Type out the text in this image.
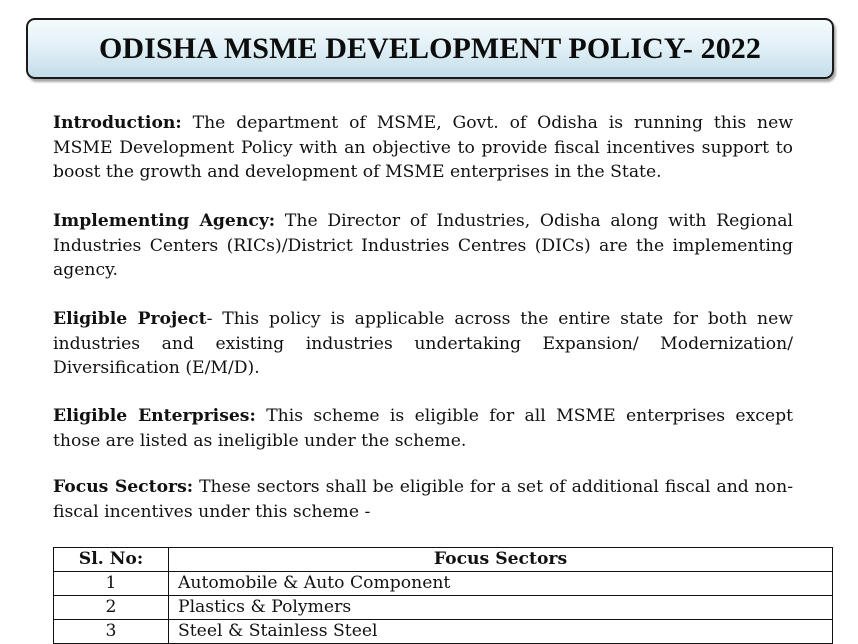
ODISHA MSME DEVELOPMENT POLICY- 2022

Introduction: The department of MSME, Govt. of Odisha is running this new MSME Development Policy with an objective to provide fiscal incentives support to boost the growth and development of MSME enterprises in the State.

Implementing Agency: The Director of Industries, Odisha along with Regional Industries Centers (RICs)/District Industries Centres (DICs) are the implementing agency.

Eligible Project- This policy is applicable across the entire state for both new industries and existing industries undertaking Expansion/ Modernization/ Diversification (E/M/D).

Eligible Enterprises: This scheme is eligible for all MSME enterprises except those are listed as ineligible under the scheme.

Focus Sectors: These sectors shall be eligible for a set of additional fiscal and non-fiscal incentives under this scheme -

Sl. No:	Focus Sectors
1	Automobile & Auto Component
2	Plastics & Polymers
3	Steel & Stainless Steel
